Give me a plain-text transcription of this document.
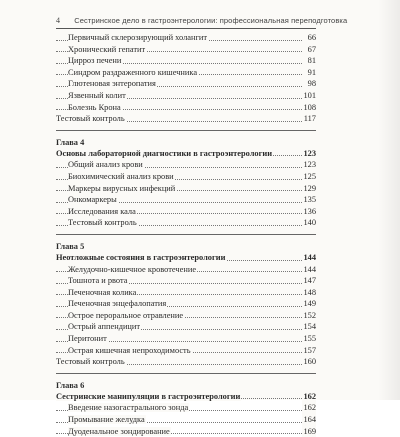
4 Сестринское дело в гастроэнтерологии: профессиональная переподготовка
Первичный склерозирующий холангит	66
Хронический гепатит	67
Цирроз печени	81
Синдром раздраженного кишечника	91
Глютеновая энтеропатия	98
Язвенный колит	101
Болезнь Крона	108
Тестовый контроль	117
Глава 4
Основы лабораторной диагностики в гастроэнтерологии	123
Общий анализ крови	123
Биохимический анализ крови	125
Маркеры вирусных инфекций	129
Онкомаркеры	135
Исследования кала	136
Тестовый контроль	140
Глава 5
Неотложные состояния в гастроэнтерологии	144
Желудочно-кишечное кровотечение	144
Тошнота и рвота	147
Печеночная колика	148
Печеночная энцефалопатия	149
Острое пероральное отравление	152
Острый аппендицит	154
Перитонит	155
Острая кишечная непроходимость	157
Тестовый контроль	160
Глава 6
Сестринские манипуляции в гастроэнтерологии	162
Введение назогастрального зонда	162
Промывание желудка	164
Дуоденальное зондирование	169
